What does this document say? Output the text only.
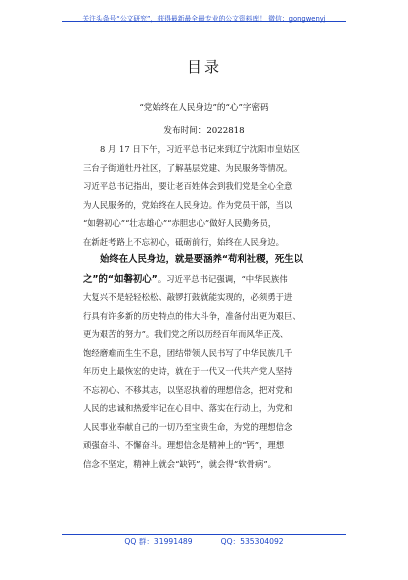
关注头条号“公文研究”，获得最新最全最专业的公文资料库！ 微信：gongwenyj
目录
“党始终在人民身边”的“心”字密码
发布时间：2022818
8 月 17 日下午，习近平总书记来到辽宁沈阳市皇姑区
三台子街道牡丹社区，了解基层党建、为民服务等情况。
习近平总书记指出，要让老百姓体会到我们党是全心全意
为人民服务的，党始终在人民身边。作为党员干部，当以
“如磐初心”“壮志雄心”“赤胆忠心”做好人民勤务员，
在新赶考路上不忘初心，砥砺前行，始终在人民身边。
始终在人民身边，就是要涵养“苟利社稷，死生以
之”的“如磐初心”。习近平总书记强调，“中华民族伟
大复兴不是轻轻松松、敲锣打鼓就能实现的，必须勇于进
行具有许多新的历史特点的伟大斗争，准备付出更为艰巨、
更为艰苦的努力”。我们党之所以历经百年而风华正茂、
饱经磨难而生生不息，团结带领人民书写了中华民族几千
年历史上最恢宏的史诗，就在于一代又一代共产党人坚持
不忘初心、不移其志，以坚忍执着的理想信念，把对党和
人民的忠诚和热爱牢记在心目中、落实在行动上，为党和
人民事业奉献自己的一切乃至宝贵生命，为党的理想信念
顽强奋斗、不懈奋斗。理想信念是精神上的“钙”，理想
信念不坚定，精神上就会“缺钙”，就会得“软骨病”。
QQ 群：31991489	QQ：535304092
